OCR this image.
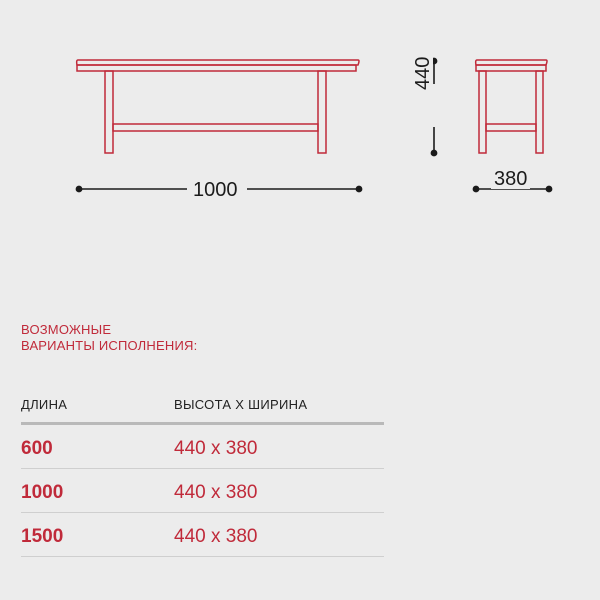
1000
440
380
ВОЗМОЖНЫЕ
ВАРИАНТЫ ИСПОЛНЕНИЯ:
ДЛИНА	ВЫСОТА Х ШИРИНА
600	440 х 380
1000	440 х 380
1500	440 х 380
